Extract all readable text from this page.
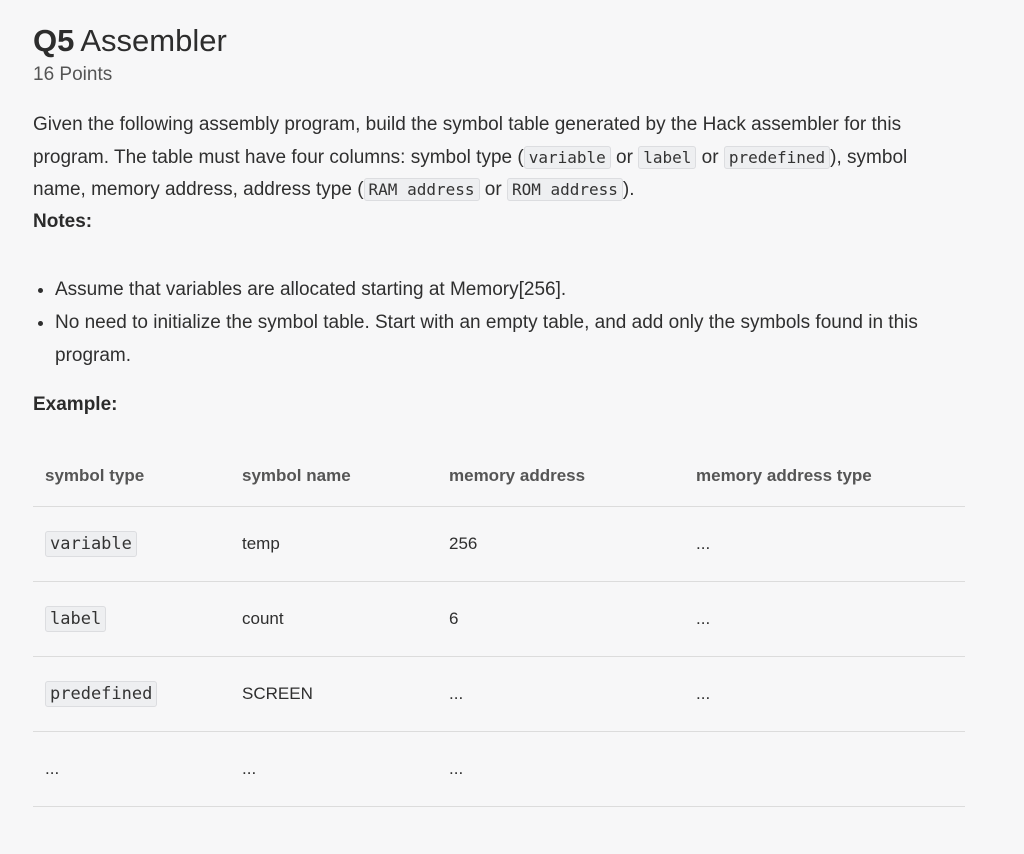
Q5 Assembler
16 Points
Given the following assembly program, build the symbol table generated by the Hack assembler for this program. The table must have four columns: symbol type ( variable or label or predefined ), symbol name, memory address, address type ( RAM address or ROM address ).
Notes:
• Assume that variables are allocated starting at Memory[256].
• No need to initialize the symbol table. Start with an empty table, and add only the symbols found in this program.
Example:
symbol type	symbol name	memory address	memory address type
variable	temp	256	...
label	count	6	...
predefined	SCREEN	...	...
...	...	...	
